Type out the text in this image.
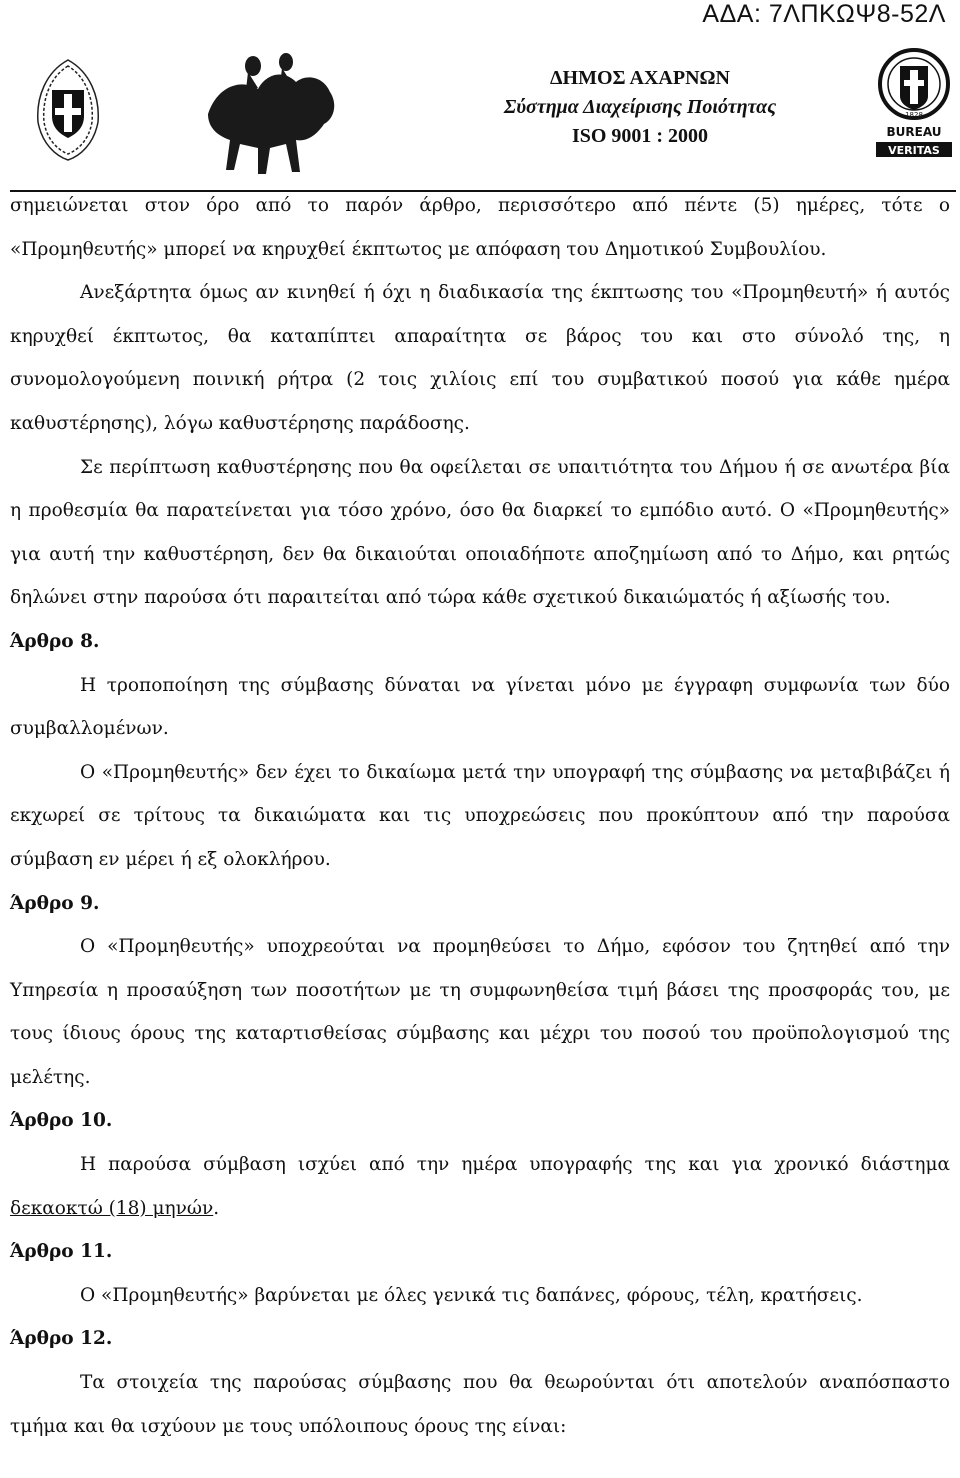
ΑΔΑ: 7ΛΠΚΩΨ8-52Λ
ΔΗΜΟΣ ΑΧΑΡΝΩΝ
Σύστημα Διαχείρισης Ποιότητας
ISO 9001 : 2000
1828
BUREAU
VERITAS

σημειώνεται στον όρο από το παρόν άρθρο, περισσότερο από πέντε (5) ημέρες, τότε ο «Προμηθευτής» μπορεί να κηρυχθεί έκπτωτος με απόφαση του Δημοτικού Συμβουλίου.

Ανεξάρτητα όμως αν κινηθεί ή όχι η διαδικασία της έκπτωσης του «Προμηθευτή» ή αυτός κηρυχθεί έκπτωτος, θα καταπίπτει απαραίτητα σε βάρος του και στο σύνολό της, η συνομολογούμενη ποινική ρήτρα (2 τοις χιλίοις επί του συμβατικού ποσού για κάθε ημέρα καθυστέρησης), λόγω καθυστέρησης παράδοσης.

Σε περίπτωση καθυστέρησης που θα οφείλεται σε υπαιτιότητα του Δήμου ή σε ανωτέρα βία η προθεσμία θα παρατείνεται για τόσο χρόνο, όσο θα διαρκεί το εμπόδιο αυτό. Ο «Προμηθευτής» για αυτή την καθυστέρηση, δεν θα δικαιούται οποιαδήποτε αποζημίωση από το Δήμο, και ρητώς δηλώνει στην παρούσα ότι παραιτείται από τώρα κάθε σχετικού δικαιώματός ή αξίωσής του.

Άρθρο 8.

Η τροποποίηση της σύμβασης δύναται να γίνεται μόνο με έγγραφη συμφωνία των δύο συμβαλλομένων.

Ο «Προμηθευτής» δεν έχει το δικαίωμα μετά την υπογραφή της σύμβασης να μεταβιβάζει ή εκχωρεί σε τρίτους τα δικαιώματα και τις υποχρεώσεις που προκύπτουν από την παρούσα σύμβαση εν μέρει ή εξ ολοκλήρου.

Άρθρο 9.

Ο «Προμηθευτής» υποχρεούται να προμηθεύσει το Δήμο, εφόσον του ζητηθεί από την Υπηρεσία η προσαύξηση των ποσοτήτων με τη συμφωνηθείσα τιμή βάσει της προσφοράς του, με τους ίδιους όρους της καταρτισθείσας σύμβασης και μέχρι του ποσού του προϋπολογισμού της μελέτης.

Άρθρο 10.

Η παρούσα σύμβαση ισχύει από την ημέρα υπογραφής της και για χρονικό διάστημα δεκαοκτώ (18) μηνών.

Άρθρο 11.

Ο «Προμηθευτής» βαρύνεται με όλες γενικά τις δαπάνες, φόρους, τέλη, κρατήσεις.

Άρθρο 12.

Τα στοιχεία της παρούσας σύμβασης που θα θεωρούνται ότι αποτελούν αναπόσπαστο τμήμα και θα ισχύουν με τους υπόλοιπους όρους της είναι:
